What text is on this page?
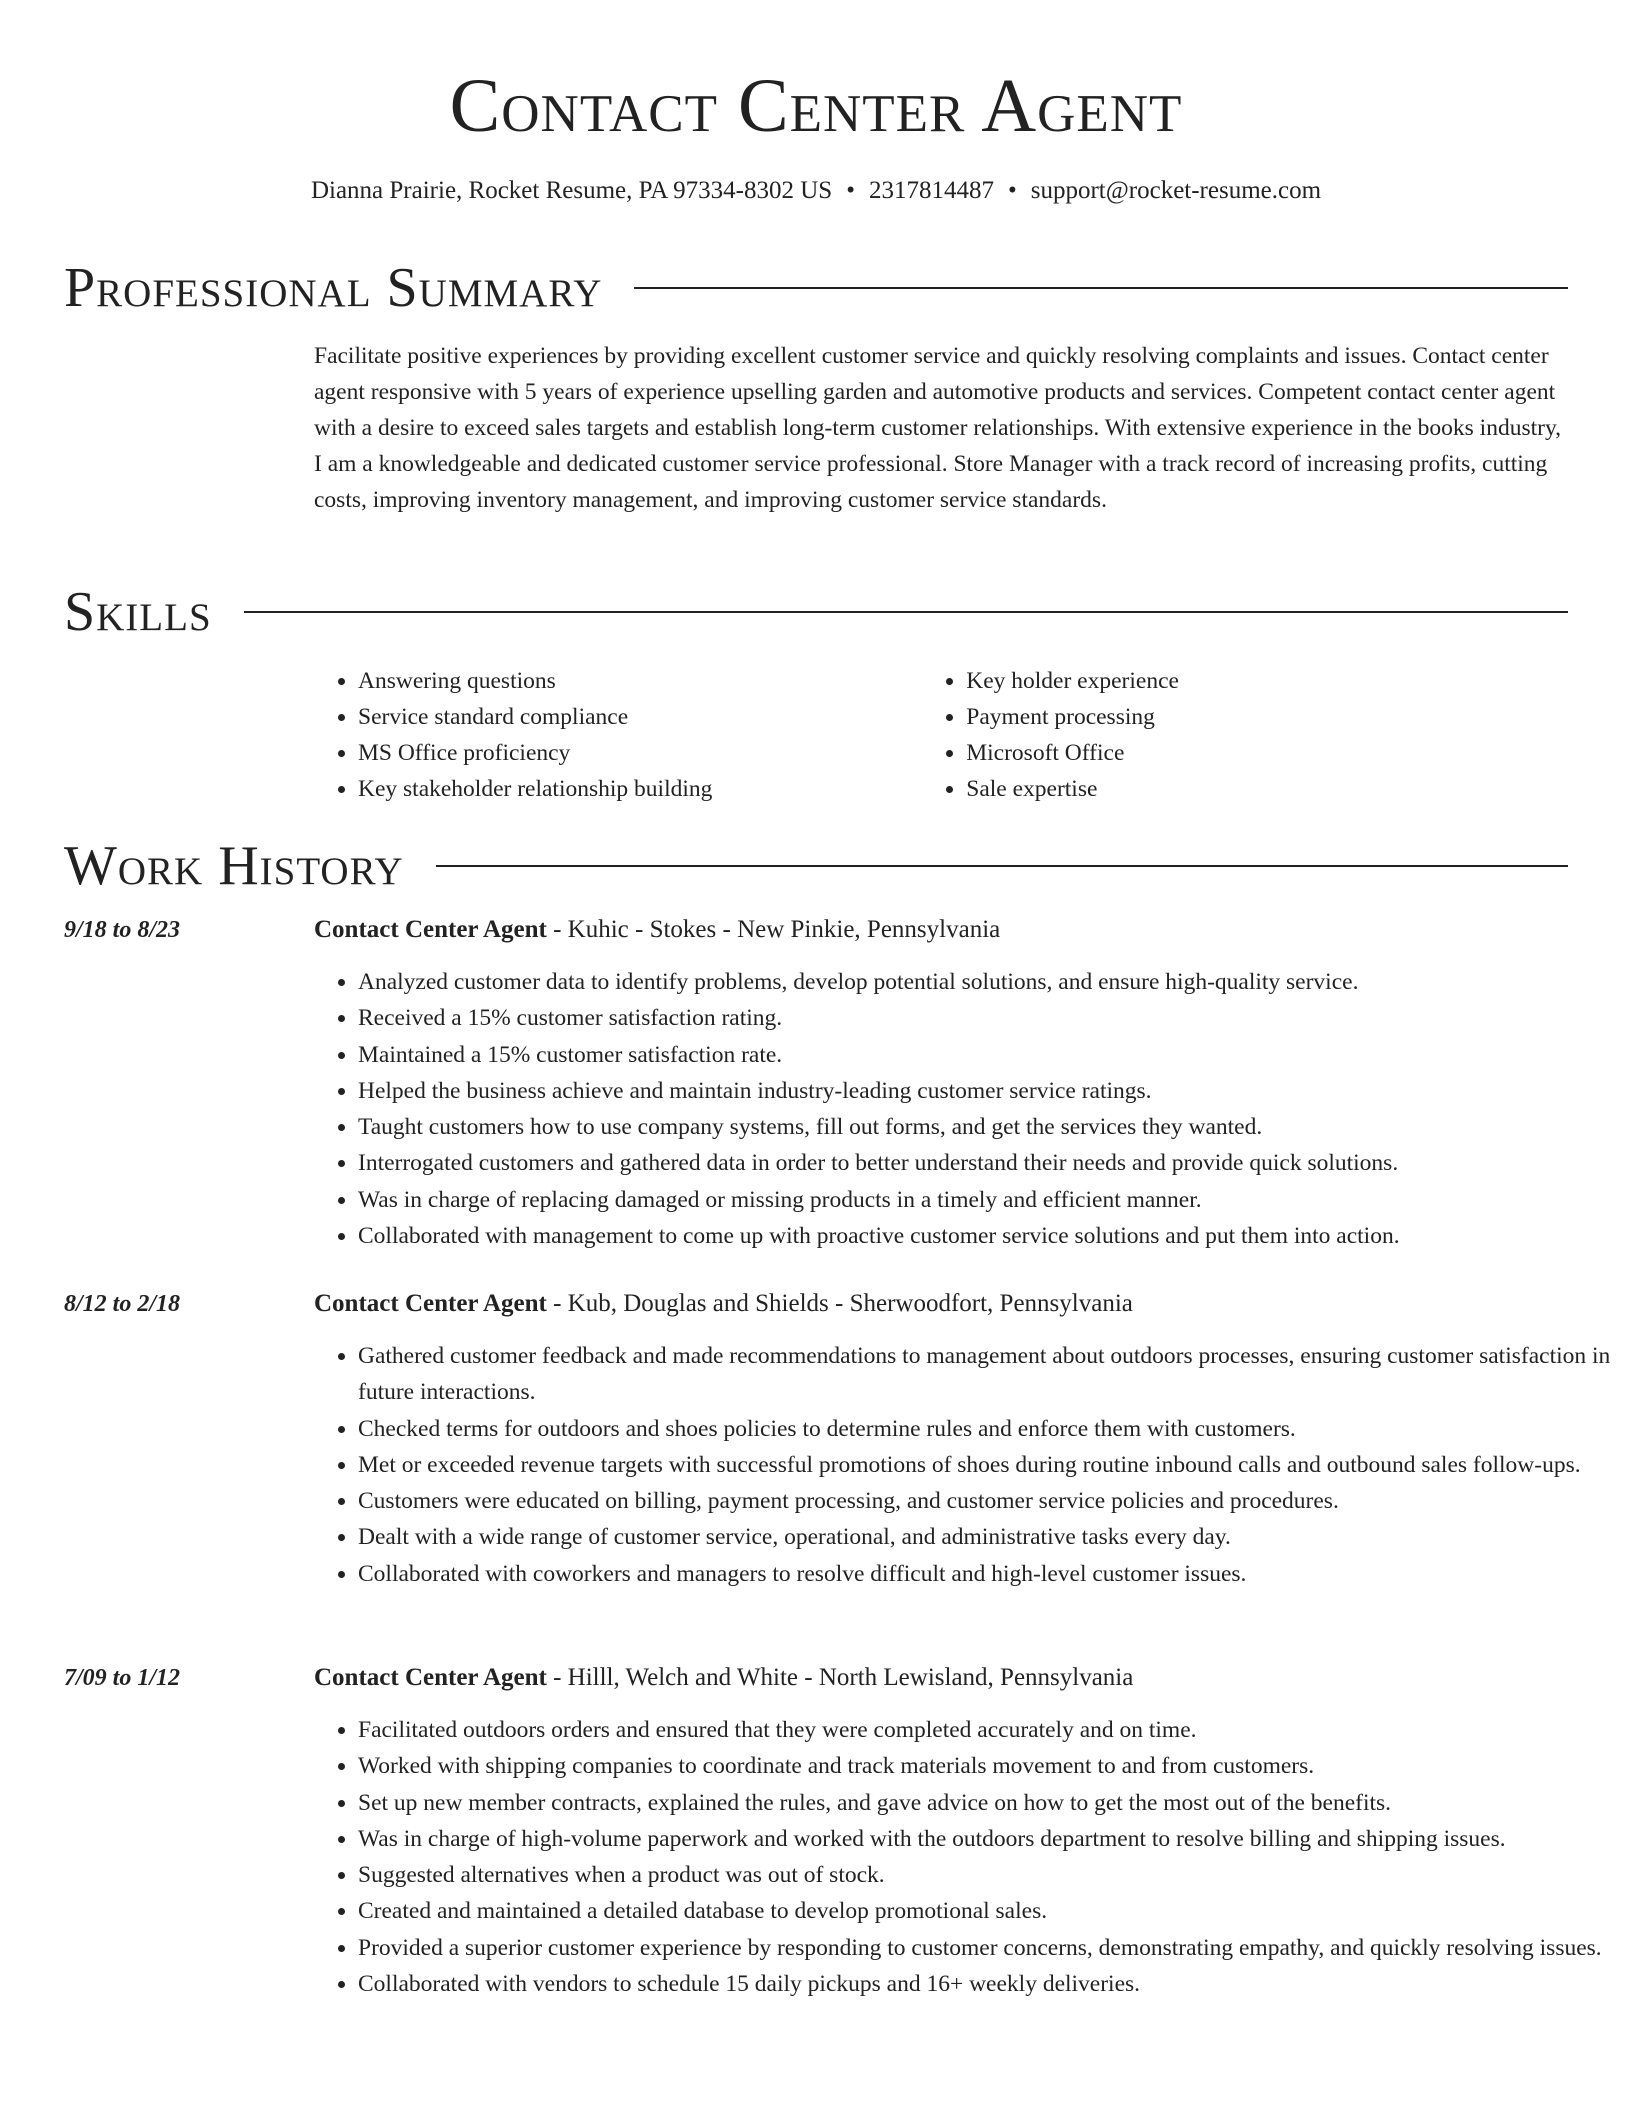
Contact Center Agent
Dianna Prairie, Rocket Resume, PA 97334-8302 US • 2317814487 • support@rocket-resume.com
Professional Summary

Facilitate positive experiences by providing excellent customer service and quickly resolving complaints and issues. Contact center agent responsive with 5 years of experience upselling garden and automotive products and services. Competent contact center agent with a desire to exceed sales targets and establish long-term customer relationships. With extensive experience in the books industry, I am a knowledgeable and dedicated customer service professional. Store Manager with a track record of increasing profits, cutting costs, improving inventory management, and improving customer service standards.

Skills
• Answering questions
• Service standard compliance
• MS Office proficiency
• Key stakeholder relationship building
• Key holder experience
• Payment processing
• Microsoft Office
• Sale expertise
Work History
9/18 to 8/23	Contact Center Agent - Kuhic - Stokes - New Pinkie, Pennsylvania
• Analyzed customer data to identify problems, develop potential solutions, and ensure high-quality service.
• Received a 15% customer satisfaction rating.
• Maintained a 15% customer satisfaction rate.
• Helped the business achieve and maintain industry-leading customer service ratings.
• Taught customers how to use company systems, fill out forms, and get the services they wanted.
• Interrogated customers and gathered data in order to better understand their needs and provide quick solutions.
• Was in charge of replacing damaged or missing products in a timely and efficient manner.
• Collaborated with management to come up with proactive customer service solutions and put them into action.
8/12 to 2/18	Contact Center Agent - Kub, Douglas and Shields - Sherwoodfort, Pennsylvania
• Gathered customer feedback and made recommendations to management about outdoors processes, ensuring customer satisfaction in future interactions.
• Checked terms for outdoors and shoes policies to determine rules and enforce them with customers.
• Met or exceeded revenue targets with successful promotions of shoes during routine inbound calls and outbound sales follow-ups.
• Customers were educated on billing, payment processing, and customer service policies and procedures.
• Dealt with a wide range of customer service, operational, and administrative tasks every day.
• Collaborated with coworkers and managers to resolve difficult and high-level customer issues.
7/09 to 1/12	Contact Center Agent - Hilll, Welch and White - North Lewisland, Pennsylvania
• Facilitated outdoors orders and ensured that they were completed accurately and on time.
• Worked with shipping companies to coordinate and track materials movement to and from customers.
• Set up new member contracts, explained the rules, and gave advice on how to get the most out of the benefits.
• Was in charge of high-volume paperwork and worked with the outdoors department to resolve billing and shipping issues.
• Suggested alternatives when a product was out of stock.
• Created and maintained a detailed database to develop promotional sales.
• Provided a superior customer experience by responding to customer concerns, demonstrating empathy, and quickly resolving issues.
• Collaborated with vendors to schedule 15 daily pickups and 16+ weekly deliveries.
